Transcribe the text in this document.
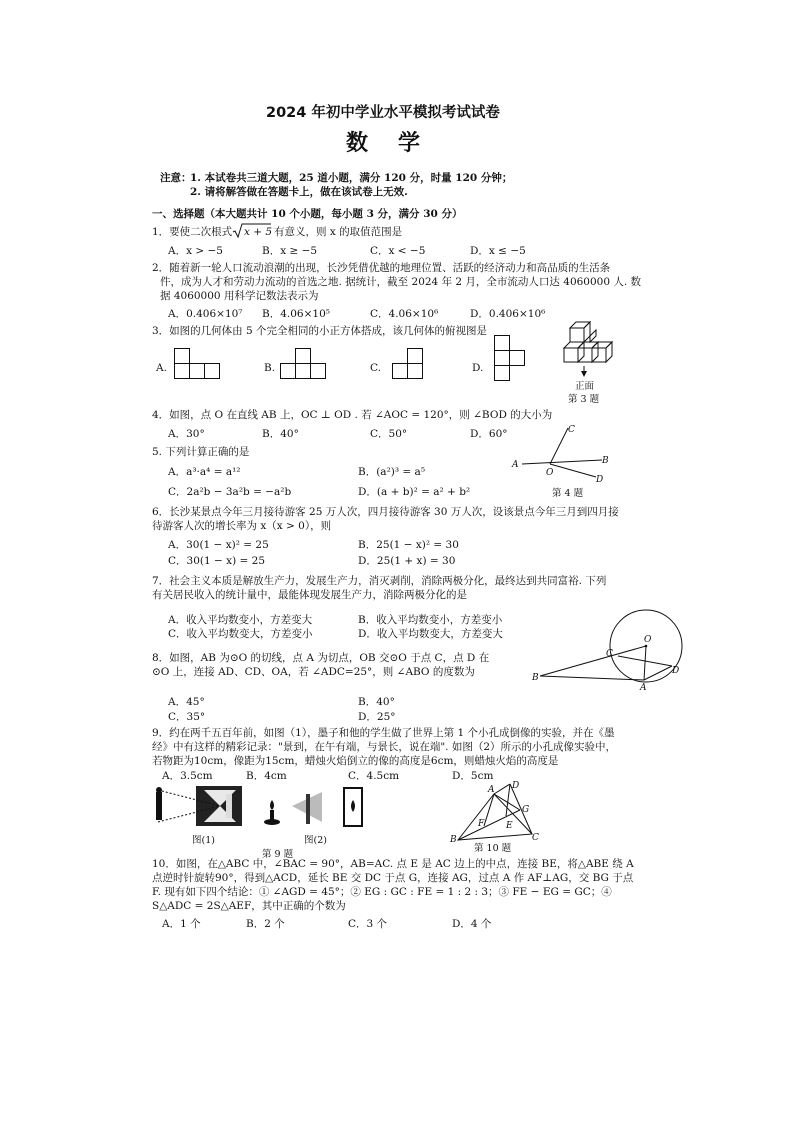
2024 年初中学业水平模拟考试试卷
数学
注意：
1. 本试卷共三道大题，25 道小题，满分 120 分，时量 120 分钟；
2. 请将解答做在答题卡上，做在该试卷上无效.
一、选择题（本大题共计 10 个小题，每小题 3 分，满分 30 分）
1．要使二次根式 x + 5 有意义，则 x 的取值范围是
A．x > −5	B．x ≥ −5	C．x < −5	D．x ≤ −5
2．随着新一轮人口流动浪潮的出现，长沙凭借优越的地理位置、活跃的经济动力和高品质的生活条
件，成为人才和劳动力流动的首选之地. 据统计，截至 2024 年 2 月，全市流动人口达 4060000 人. 数
据 4060000 用科学记数法表示为
A．0.406×10⁷ B．4.06×10⁵	C．4.06×10⁶	D．0.406×10⁶
3．如图的几何体由 5 个完全相同的小正方体搭成，该几何体的俯视图是
A.	B.	C.	D.
正面
第 3 题
4．如图，点 O 在直线 AB 上，OC ⊥ OD . 若 ∠AOC = 120°，则 ∠BOD 的大小为
A．30°	B．40°	C．50°	D．60°
A	B
C
D
O
第 4 题
5. 下列计算正确的是
A．a³·a⁴ = a¹²	B．(a²)³ = a⁵
C．2a²b − 3a²b = −a²b	D．(a + b)² = a² + b²
6．长沙某景点今年三月接待游客 25 万人次，四月接待游客 30 万人次，设该景点今年三月到四月接
待游客人次的增长率为 x（x > 0），则
A．30(1 − x)² = 25	B．25(1 − x)² = 30
C．30(1 − x) = 25	D．25(1 + x) = 30
7．社会主义本质是解放生产力，发展生产力，消灭剥削，消除两极分化，最终达到共同富裕. 下列
有关居民收入的统计量中，最能体现发展生产力，消除两极分化的是
A．收入平均数变小，方差变大	B．收入平均数变小，方差变小
C．收入平均数变大，方差变小	D．收入平均数变大，方差变大
8．如图，AB 为⊙O 的切线，点 A 为切点，OB 交⊙O 于点 C，点 D 在
⊙O 上，连接 AD、CD、OA，若 ∠ADC=25°，则 ∠ABO 的度数为
A．45°	B．40°
C．35°	D．25°
O
C
D
B
A
9．约在两千五百年前，如图（1），墨子和他的学生做了世界上第 1 个小孔成倒像的实验，并在《墨
经》中有这样的精彩记录："景到，在午有端，与景长，说在端". 如图（2）所示的小孔成像实验中，
若物距为10cm，像距为15cm，蜡烛火焰倒立的像的高度是6cm，则蜡烛火焰的高度是
A．3.5cm	B．4cm	C．4.5cm	D．5cm
图(1)	图(2)
第 9 题
A
B	C
D
E
F
G
第 10 题
10．如图，在△ABC 中，∠BAC = 90°，AB=AC. 点 E 是 AC 边上的中点，连接 BE，将△ABE 绕 A
点逆时针旋转90°，得到△ACD，延长 BE 交 DC 于点 G，连接 AG，过点 A 作 AF⊥AG，交 BG 于点
F. 现有如下四个结论：① ∠AGD = 45°；② EG : GC : FE = 1 : 2 : 3；③ FE − EG = GC；④
S△ADC = 2S△AEF，其中正确的个数为
A．1 个	B．2 个	C．3 个	D．4 个
